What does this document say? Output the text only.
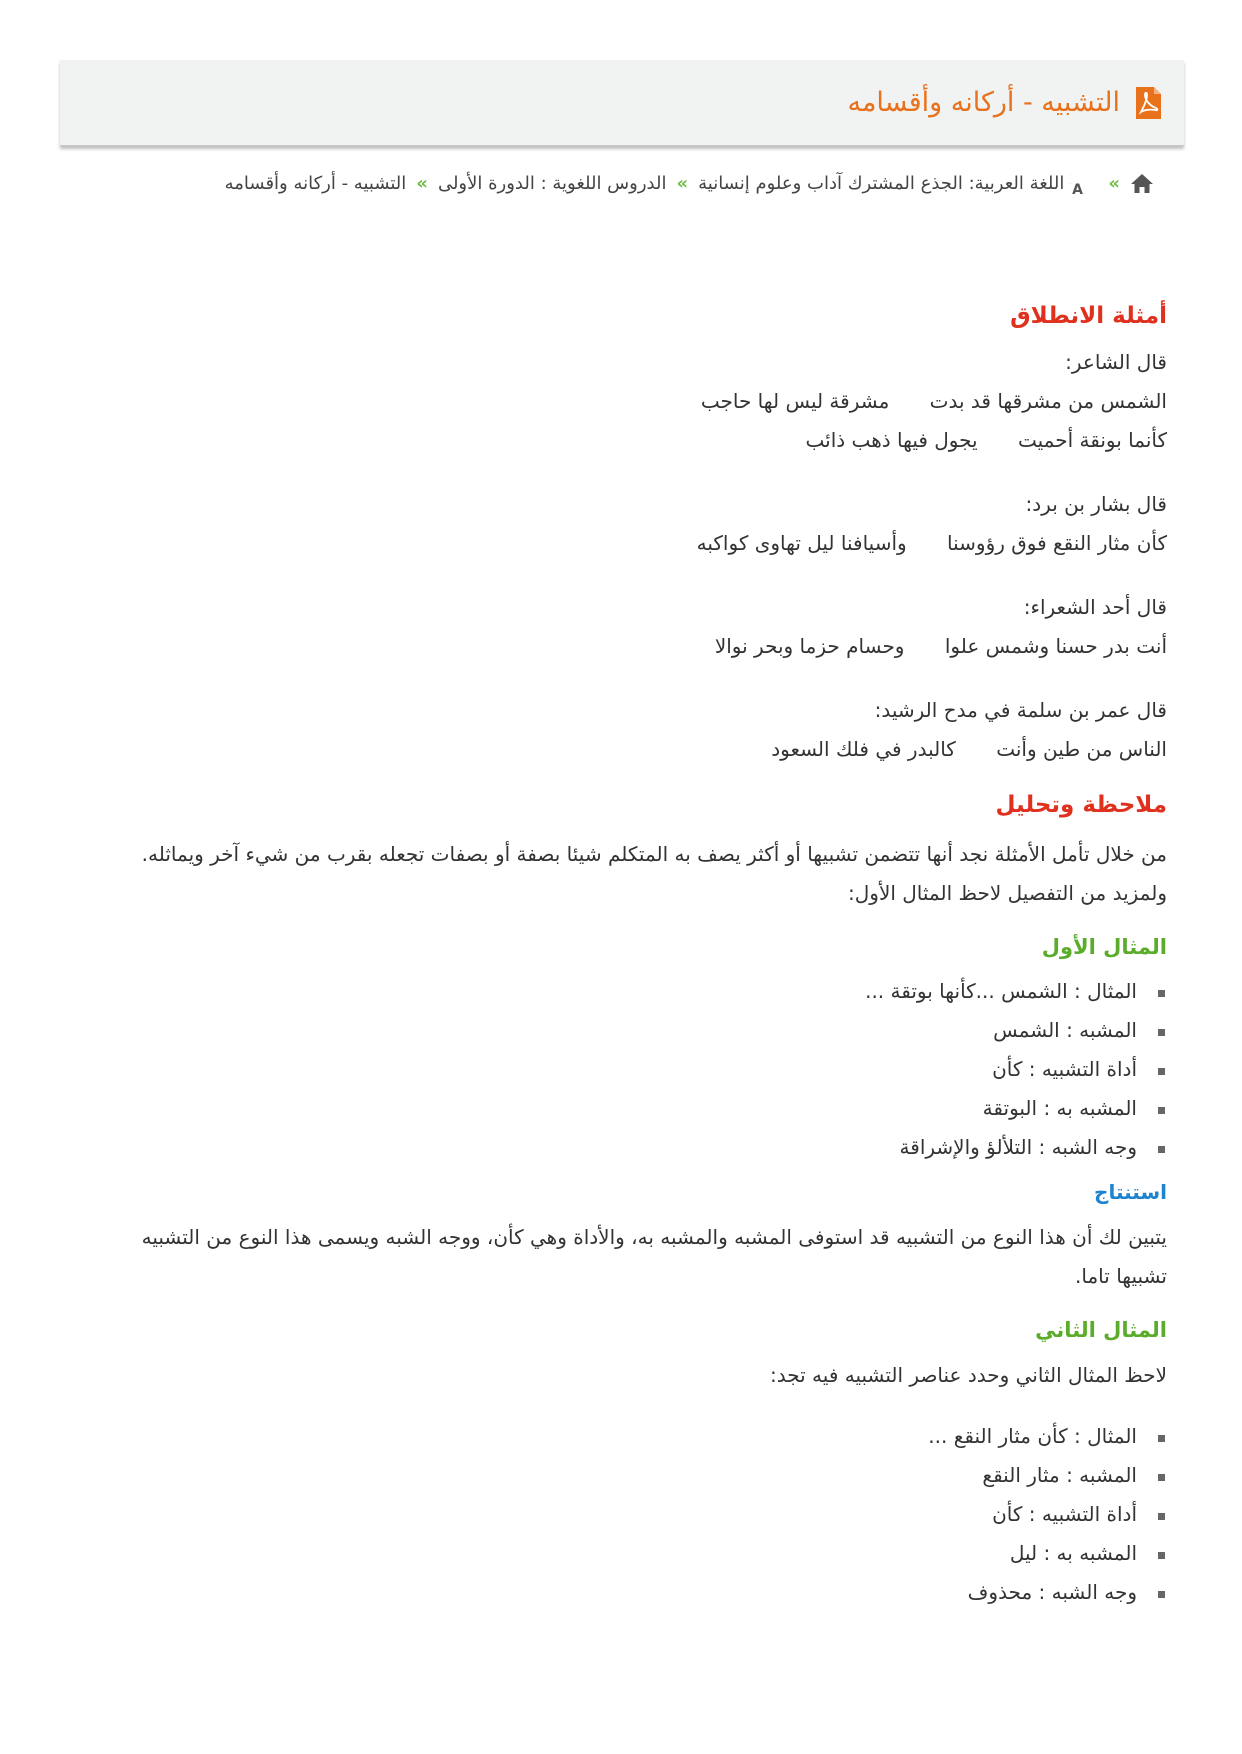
التشبيه - أركانه وأقسامه
»
A
اللغة العربية: الجذع المشترك آداب وعلوم إنسانية
»
الدروس اللغوية : الدورة الأولى
»
التشبيه - أركانه وأقسامه
أمثلة الانطلاق

قال الشاعر:

الشمس من مشرقها قد بدت مشرقة ليس لها حاجب

كأنما بونقة أحميت يجول فيها ذهب ذائب

قال بشار بن برد:

كأن مثار النقع فوق رؤوسنا وأسيافنا ليل تهاوى كواكبه

قال أحد الشعراء:

أنت بدر حسنا وشمس علوا وحسام حزما وبحر نوالا

قال عمر بن سلمة في مدح الرشيد:

الناس من طين وأنت كالبدر في فلك السعود

ملاحظة وتحليل

من خلال تأمل الأمثلة نجد أنها تتضمن تشبيها أو أكثر يصف به المتكلم شيئا بصفة أو بصفات تجعله بقرب من شيء آخر ويماثله.

ولمزيد من التفصيل لاحظ المثال الأول:

المثال الأول
المثال : الشمس ...كأنها بوتقة ...
المشبه : الشمس
أداة التشبيه : كأن
المشبه به : البوتقة
وجه الشبه : التلألؤ والإشراقة
استنتاج

يتبين لك أن هذا النوع من التشبيه قد استوفى المشبه والمشبه به، والأداة وهي كأن، ووجه الشبه ويسمى هذا النوع من التشبيه تشبيها تاما.

المثال الثاني

لاحظ المثال الثاني وحدد عناصر التشبيه فيه تجد:

المثال : كأن مثار النقع ...
المشبه : مثار النقع
أداة التشبيه : كأن
المشبه به : ليل
وجه الشبه : محذوف
